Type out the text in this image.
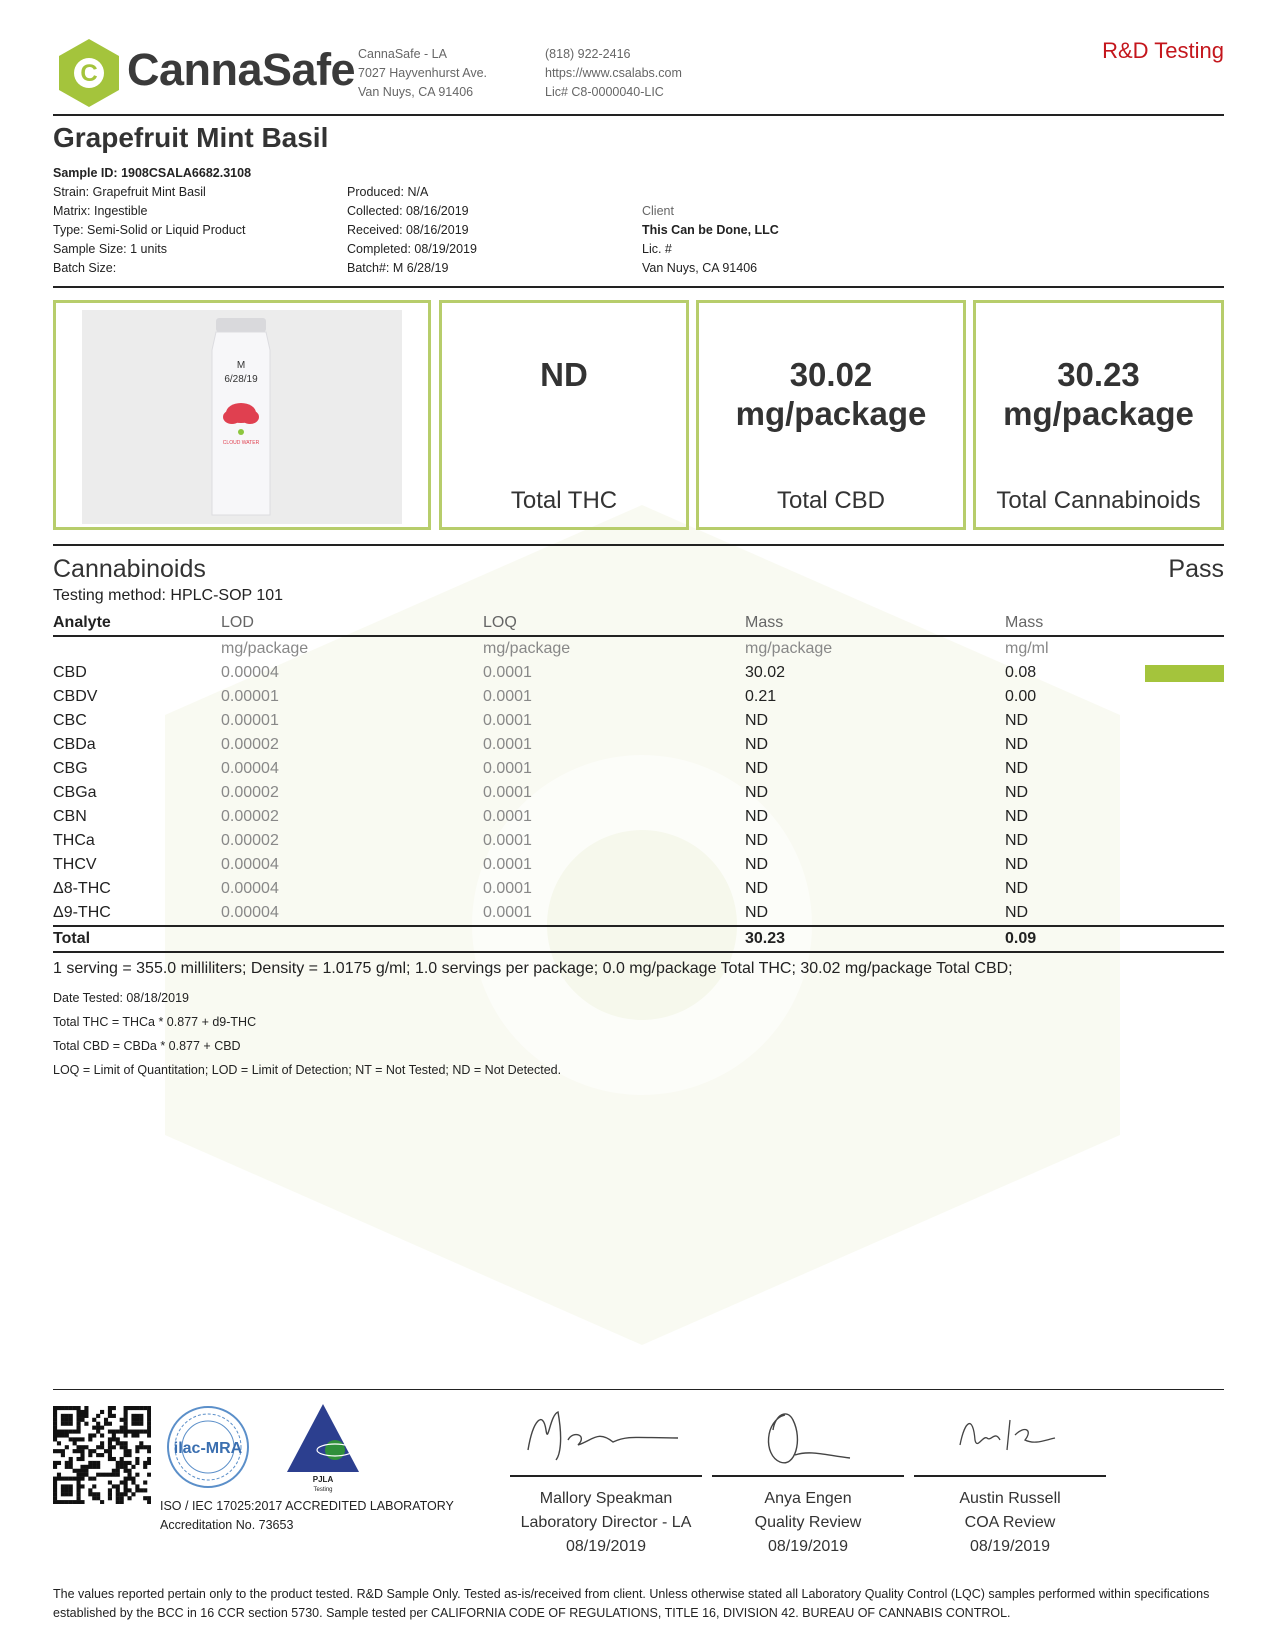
C CannaSafe CannaSafe - LA
7027 Hayvenhurst Ave.
Van Nuys, CA 91406
(818) 922-2416
https://www.csalabs.com
Lic# C8-0000040-LIC
R&D Testing
Grapefruit Mint Basil
Sample ID: 1908CSALA6682.3108
Strain: Grapefruit Mint Basil
Matrix: Ingestible
Type: Semi-Solid or Liquid Product
Sample Size: 1 units
Batch Size:
Produced: N/A
Collected: 08/16/2019
Received: 08/16/2019
Completed: 08/19/2019
Batch#: M 6/28/19
Client
This Can be Done, LLC
Lic. #
Van Nuys, CA 91406
M
6/28/19
CLOUD WATER
ND
Total THC
30.02
mg/package
Total CBD
30.23
mg/package
Total Cannabinoids
Cannabinoids	Pass
Testing method: HPLC-SOP 101
Analyte	LOD	LOQ	Mass	Mass	
	mg/package	mg/package	mg/package	mg/ml	
CBD	0.00004	0.0001	30.02	0.08	

CBDV	0.00001	0.0001	0.21	0.00	
CBC	0.00001	0.0001	ND	ND	
CBDa	0.00002	0.0001	ND	ND	
CBG	0.00004	0.0001	ND	ND	
CBGa	0.00002	0.0001	ND	ND	
CBN	0.00002	0.0001	ND	ND	
THCa	0.00002	0.0001	ND	ND	
THCV	0.00004	0.0001	ND	ND	
Δ8-THC	0.00004	0.0001	ND	ND	
Δ9-THC	0.00004	0.0001	ND	ND	
Total			30.23	0.09	
1 serving = 355.0 milliliters; Density = 1.0175 g/ml; 1.0 servings per package; 0.0 mg/package Total THC; 30.02 mg/package Total CBD;
Date Tested: 08/18/2019
Total THC = THCa * 0.877 + d9-THC
Total CBD = CBDa * 0.877 + CBD
LOQ = Limit of Quantitation; LOD = Limit of Detection; NT = Not Tested; ND = Not Detected.
ilac-MRA
PJLA
Testing
ISO / IEC 17025:2017 ACCREDITED LABORATORY
Accreditation No. 73653
Mallory Speakman
Laboratory Director - LA
08/19/2019
Anya Engen
Quality Review
08/19/2019
Austin Russell
COA Review
08/19/2019
The values reported pertain only to the product tested. R&D Sample Only. Tested as-is/received from client. Unless otherwise stated all Laboratory Quality Control (LQC) samples performed within specifications established by the BCC in 16 CCR section 5730. Sample tested per CALIFORNIA CODE OF REGULATIONS, TITLE 16, DIVISION 42. BUREAU OF CANNABIS CONTROL.
